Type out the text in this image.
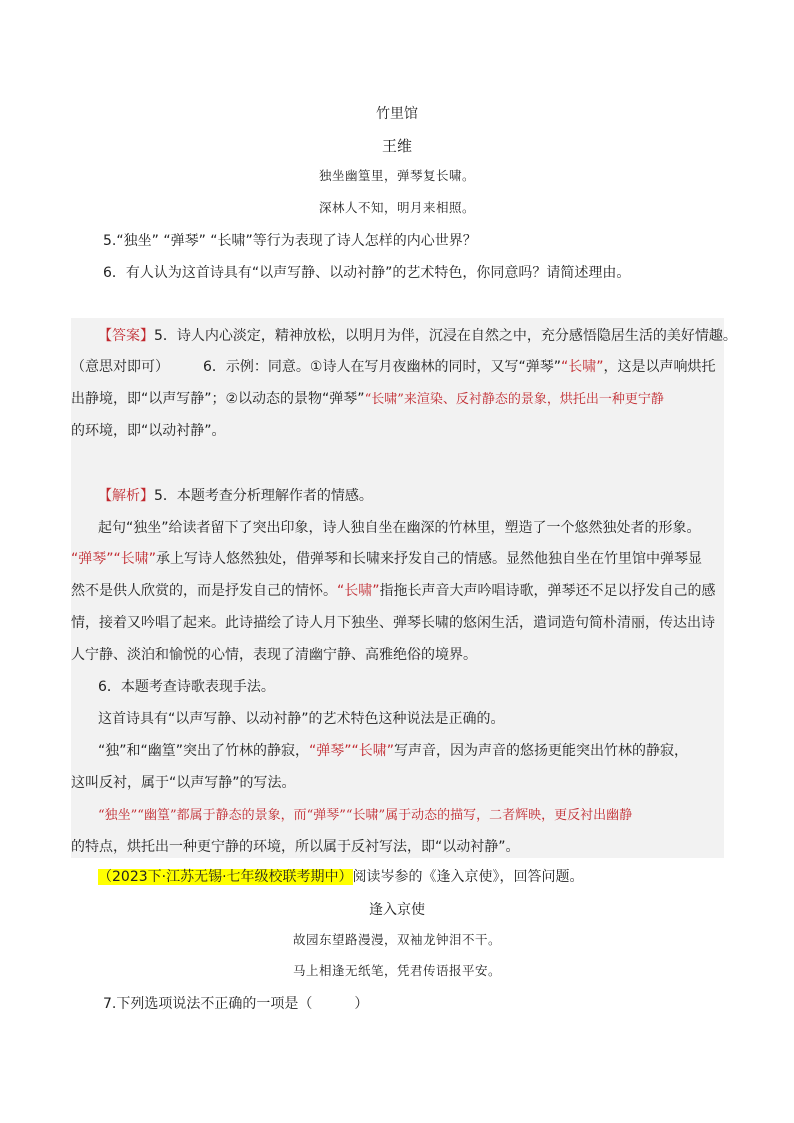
竹里馆
王维
独坐幽篁里，弹琴复长啸。
深林人不知，明月来相照。
5.“独坐” “弹琴” “长啸”等行为表现了诗人怎样的内心世界？
6．有人认为这首诗具有“以声写静、以动衬静”的艺术特色，你同意吗？请简述理由。
【答案】5．诗人内心淡定，精神放松，以明月为伴，沉浸在自然之中，充分感悟隐居生活的美好情趣。
（意思对即可） 6．示例：同意。①诗人在写月夜幽林的同时，又写“弹琴”“长啸”，这是以声响烘托
出静境，即“以声写静”；②以动态的景物“弹琴”“长啸”来渲染、反衬静态的景象，烘托出一种更宁静
的环境，即“以动衬静”。
【解析】5．本题考查分析理解作者的情感。
起句“独坐”给读者留下了突出印象，诗人独自坐在幽深的竹林里，塑造了一个悠然独处者的形象。
“弹琴”“长啸”承上写诗人悠然独处，借弹琴和长啸来抒发自己的情感。显然他独自坐在竹里馆中弹琴显
然不是供人欣赏的，而是抒发自己的情怀。“长啸”指拖长声音大声吟唱诗歌，弹琴还不足以抒发自己的感
情，接着又吟唱了起来。此诗描绘了诗人月下独坐、弹琴长啸的悠闲生活，遣词造句简朴清丽，传达出诗
人宁静、淡泊和愉悦的心情，表现了清幽宁静、高雅绝俗的境界。
6．本题考查诗歌表现手法。
这首诗具有“以声写静、以动衬静”的艺术特色这种说法是正确的。
“独”和“幽篁”突出了竹林的静寂，“弹琴”“长啸”写声音，因为声音的悠扬更能突出竹林的静寂，
这叫反衬，属于“以声写静”的写法。
“独坐”“幽篁”都属于静态的景象，而“弹琴”“长啸”属于动态的描写，二者辉映，更反衬出幽静
的特点，烘托出一种更宁静的环境，所以属于反衬写法，即“以动衬静”。
（2023下·江苏无锡·七年级校联考期中）阅读岑参的《逢入京使》，回答问题。
逢入京使
故园东望路漫漫，双袖龙钟泪不干。
马上相逢无纸笔，凭君传语报平安。
7.下列选项说法不正确的一项是（　　　）
